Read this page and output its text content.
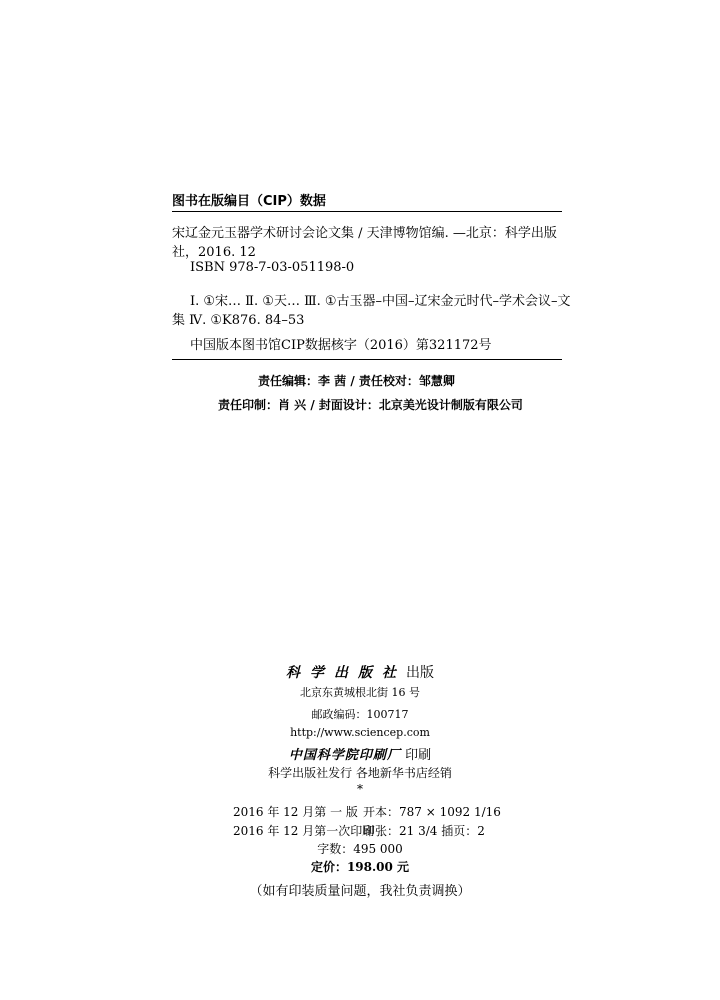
图书在版编目（CIP）数据
宋辽金元玉器学术研讨会论文集 / 天津博物馆编. —北京：科学出版
社，2016. 12
ISBN 978-7-03-051198-0
Ⅰ. ①宋… Ⅱ. ①天… Ⅲ. ①古玉器–中国–辽宋金元时代–学术会议–文
集 Ⅳ. ①K876. 84–53
中国版本图书馆CIP数据核字（2016）第321172号
责任编辑：李 茜 / 责任校对：邹慧卿
责任印制：肖 兴 / 封面设计：北京美光设计制版有限公司
科学出版社出版
北京东黄城根北街 16 号
邮政编码：100717
http://www.sciencep.com
中国科学院印刷厂 印刷
科学出版社发行 各地新华书店经销
*
2016 年 12 月第 一 版 开本：787 × 1092 1/16
2016 年 12 月第一次印刷
印张：21 3/4 插页：2
字数：495 000
定价：198.00 元
（如有印装质量问题，我社负责调换）
